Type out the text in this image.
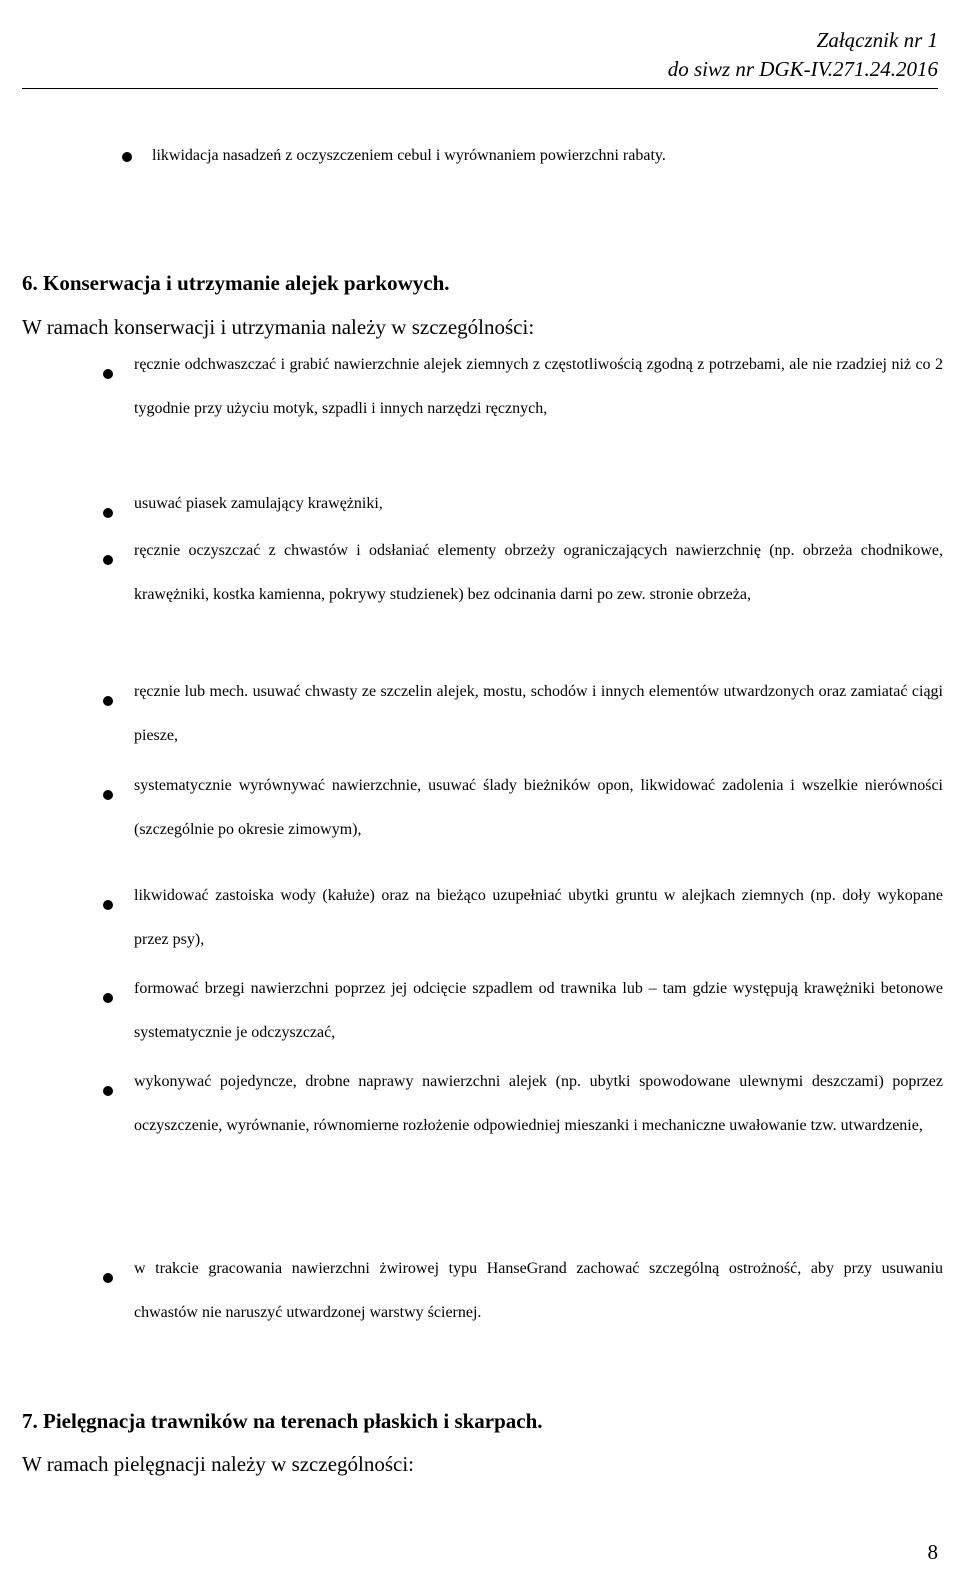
Załącznik nr 1
do siwz nr DGK-IV.271.24.2016
likwidacja nasadzeń z oczyszczeniem cebul i wyrównaniem powierzchni rabaty.
6. Konserwacja i utrzymanie alejek parkowych.
W ramach konserwacji i utrzymania należy w szczególności:
ręcznie odchwaszczać i grabić nawierzchnie alejek ziemnych z częstotliwością zgodną z potrzebami, ale nie rzadziej niż co 2 tygodnie przy użyciu motyk, szpadli i innych narzędzi ręcznych,
usuwać piasek zamulający krawężniki,
ręcznie oczyszczać z chwastów i odsłaniać elementy obrzeży ograniczających nawierzchnię (np. obrzeża chodnikowe, krawężniki, kostka kamienna, pokrywy studzienek) bez odcinania darni po zew. stronie obrzeża,
ręcznie lub mech. usuwać chwasty ze szczelin alejek, mostu, schodów i innych elementów utwardzonych oraz zamiatać ciągi piesze,
systematycznie wyrównywać nawierzchnie, usuwać ślady bieżników opon, likwidować zadolenia i wszelkie nierówności (szczególnie po okresie zimowym),
likwidować zastoiska wody (kałuże) oraz na bieżąco uzupełniać ubytki gruntu w alejkach ziemnych (np. doły wykopane przez psy),
formować brzegi nawierzchni poprzez jej odcięcie szpadlem od trawnika lub – tam gdzie występują krawężniki betonowe systematycznie je odczyszczać,
wykonywać pojedyncze, drobne naprawy nawierzchni alejek (np. ubytki spowodowane ulewnymi deszczami) poprzez oczyszczenie, wyrównanie, równomierne rozłożenie odpowiedniej mieszanki i mechaniczne uwałowanie tzw. utwardzenie,
w trakcie gracowania nawierzchni żwirowej typu HanseGrand zachować szczególną ostrożność, aby przy usuwaniu chwastów nie naruszyć utwardzonej warstwy ściernej.
7. Pielęgnacja trawników na terenach płaskich i skarpach.
W ramach pielęgnacji należy w szczególności:
8
